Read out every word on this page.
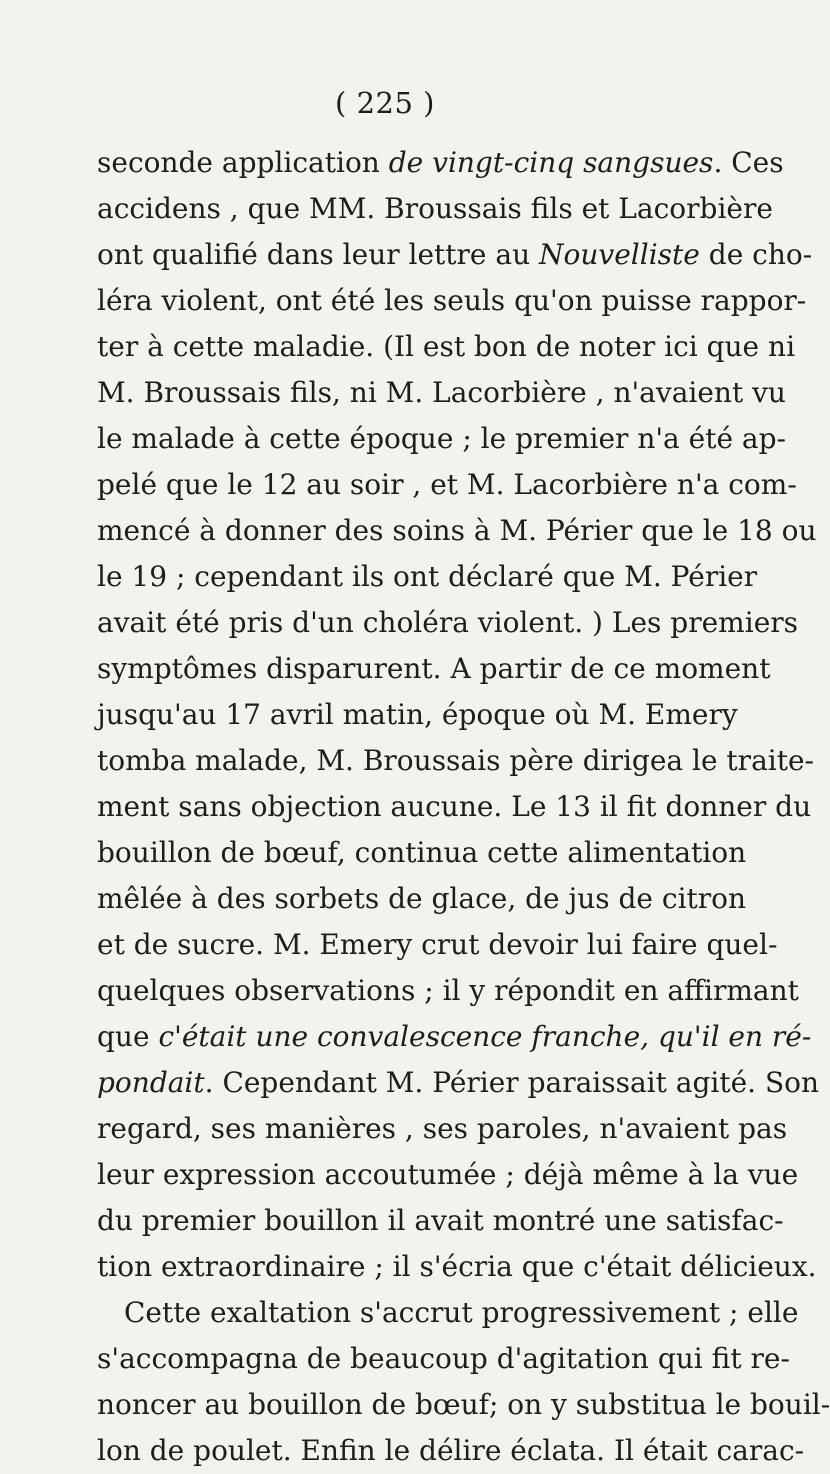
( 225 )
seconde application de vingt-cinq sangsues. Ces
accidens , que MM. Broussais fils et Lacorbière
ont qualifié dans leur lettre au Nouvelliste de cho-
léra violent, ont été les seuls qu'on puisse rappor-
ter à cette maladie. (Il est bon de noter ici que ni
M. Broussais fils, ni M. Lacorbière , n'avaient vu
le malade à cette époque ; le premier n'a été ap-
pelé que le 12 au soir , et M. Lacorbière n'a com-
mencé à donner des soins à M. Périer que le 18 ou
le 19 ; cependant ils ont déclaré que M. Périer
avait été pris d'un choléra violent. ) Les premiers
symptômes disparurent. A partir de ce moment
jusqu'au 17 avril matin, époque où M. Emery
tomba malade, M. Broussais père dirigea le traite-
ment sans objection aucune. Le 13 il fit donner du
bouillon de bœuf, continua cette alimentation
mêlée à des sorbets de glace, de jus de citron
et de sucre. M. Emery crut devoir lui faire quel-
quelques observations ; il y répondit en affirmant
que c'était une convalescence franche, qu'il en ré-
pondait. Cependant M. Périer paraissait agité. Son
regard, ses manières , ses paroles, n'avaient pas
leur expression accoutumée ; déjà même à la vue
du premier bouillon il avait montré une satisfac-
tion extraordinaire ; il s'écria que c'était délicieux.
Cette exaltation s'accrut progressivement ; elle
s'accompagna de beaucoup d'agitation qui fit re-
noncer au bouillon de bœuf; on y substitua le bouil-
lon de poulet. Enfin le délire éclata. Il était carac-
